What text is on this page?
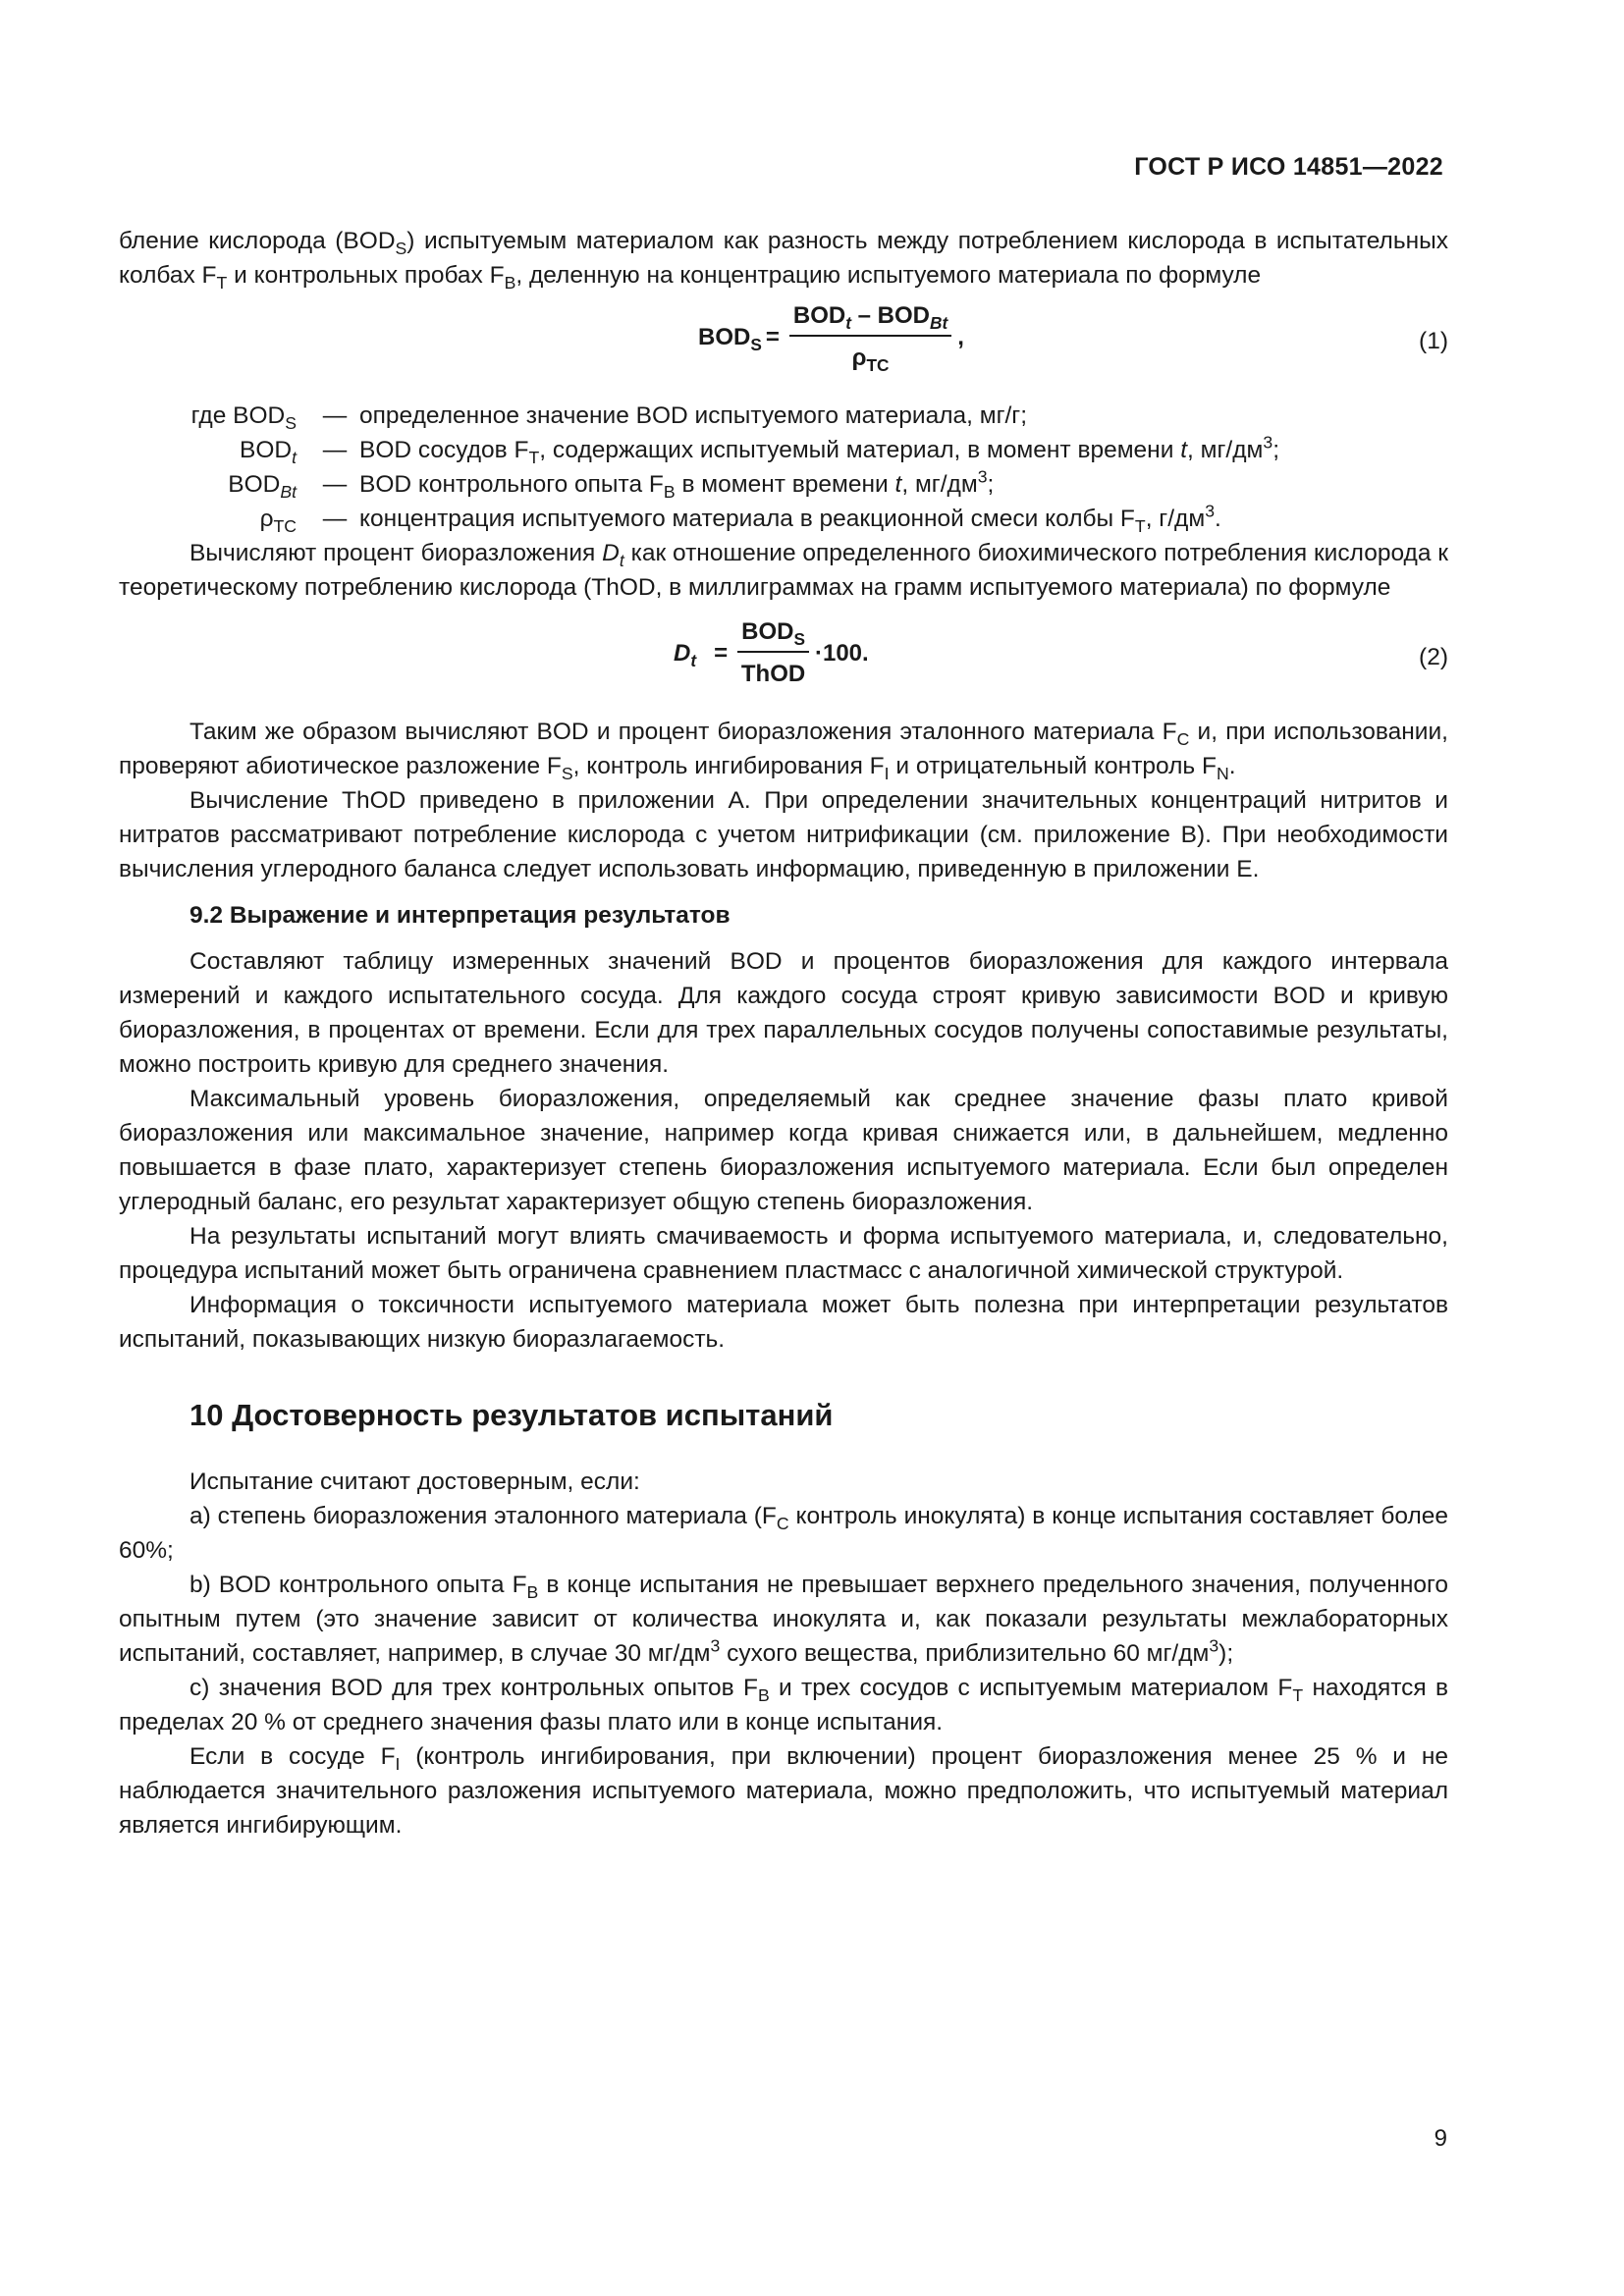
ГОСТ Р ИСО 14851—2022

бление кислорода $(BOD_S)$ испытуемым материалом как разность между потреблением кислорода в испытательных колбах $F_T$ и контрольных пробах $F_B$, деленную на концентрацию испытуемого материала по формуле

$BOD_S = \frac{BOD_t - BOD_{Bt}}{\rho_{TC}}$ ,	(1)
где $BOD_S$	— определенное значение BOD испытуемого материала, мг/г;
$BOD_t$	— BOD сосудов $F_T$, содержащих испытуемый материал, в момент времени t, $мг/дм^3$;
$BOD_{Bt}$	— BOD контрольного опыта $F_B$ в момент времени t, $мг/дм^3$;
$\rho_{TC}$	— концентрация испытуемого материала в реакционной смеси колбы $F_T$, $г/дм^3$.

Вычисляют процент биоразложения $D_t$ как отношение определенного биохимического потребления кислорода к теоретическому потреблению кислорода (ThOD, в миллиграммах на грамм испытуемого материала) по формуле

$D_t = \frac{BOD_S}{\text{ThOD}} \cdot 100$.	(2)

Таким же образом вычисляют BOD и процент биоразложения эталонного материала $F_C$ и, при использовании, проверяют абиотическое разложение $F_S$, контроль ингибирования $F_I$ и отрицательный контроль $F_N$.

Вычисление ThOD приведено в приложении А. При определении значительных концентраций нитритов и нитратов рассматривают потребление кислорода с учетом нитрификации (см. приложение В). При необходимости вычисления углеродного баланса следует использовать информацию, приведенную в приложении Е.

9.2 Выражение и интерпретация результатов

Составляют таблицу измеренных значений BOD и процентов биоразложения для каждого интервала измерений и каждого испытательного сосуда. Для каждого сосуда строят кривую зависимости BOD и кривую биоразложения, в процентах от времени. Если для трех параллельных сосудов получены сопоставимые результаты, можно построить кривую для среднего значения.

Максимальный уровень биоразложения, определяемый как среднее значение фазы плато кривой биоразложения или максимальное значение, например когда кривая снижается или, в дальнейшем, медленно повышается в фазе плато, характеризует степень биоразложения испытуемого материала. Если был определен углеродный баланс, его результат характеризует общую степень биоразложения.

На результаты испытаний могут влиять смачиваемость и форма испытуемого материала, и, следовательно, процедура испытаний может быть ограничена сравнением пластмасс с аналогичной химической структурой.

Информация о токсичности испытуемого материала может быть полезна при интерпретации результатов испытаний, показывающих низкую биоразлагаемость.

10 Достоверность результатов испытаний

Испытание считают достоверным, если:

а) степень биоразложения эталонного материала ($F_C$ контроль инокулята) в конце испытания составляет более 60%;

b) BOD контрольного опыта $F_B$ в конце испытания не превышает верхнего предельного значения, полученного опытным путем (это значение зависит от количества инокулята и, как показали результаты межлабораторных испытаний, составляет, например, в случае 30 $мг/дм^3$ сухого вещества, приблизительно 60 $мг/дм^3$);

с) значения BOD для трех контрольных опытов $F_B$ и трех сосудов с испытуемым материалом $F_T$ находятся в пределах 20 % от среднего значения фазы плато или в конце испытания.

Если в сосуде $F_I$ (контроль ингибирования, при включении) процент биоразложения менее 25 % и не наблюдается значительного разложения испытуемого материала, можно предположить, что испытуемый материал является ингибирующим.

9
